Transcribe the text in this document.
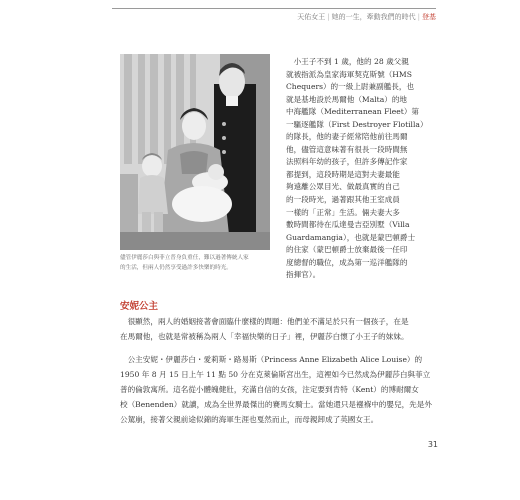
天佑女王 | 她的一生，牽動我們的時代 | 登基
儘管伊麗莎白與菲立普身負重任，難以過著傳統人家
的生活，但兩人仍然享受過許多快樂的時光。
　小王子不到 1 歲，他的 28 歲父親
就被指派為皇家海軍契克斯號（HMS
Chequers）的一級上尉兼副艦長，也
就是基地設於馬爾他（Malta）的地
中海艦隊（Mediterranean Fleet）第
一驅逐艦隊（First Destroyer Flotilla）
的隊長，他的妻子經常陪他前往馬爾
他，儘管這意味著有很長一段時間無
法照料年幼的孩子，但許多傳記作家
都提到，這段時期是這對夫妻最能
夠遠離公眾目光、做最真實的自己
的一段時光，過著跟其他王室成員
一樣的「正常」生活。倆夫妻大多
數時間都待在瓜達曼吉亞別墅（Villa
Guardamangia），也就是蒙巴頓爵士
的住家（蒙巴頓爵士放棄最後一任印
度總督的職位，成為第一巡洋艦隊的
指揮官）。
安妮公主
　很顯然，兩人的婚姻接著會面臨什麼樣的問題：他們並不滿足於只有一個孩子，在是
在馬爾他，也就是常被稱為兩人「幸福快樂的日子」裡，伊麗莎白懷了小王子的妹妹。
　公主安妮・伊麗莎白・愛莉斯・路易斯（Princess Anne Elizabeth Alice Louise）的
1950 年 8 月 15 日上午 11 點 50 分在克萊倫斯宮出生，這裡如今已然成為伊麗莎白與菲立
普的倫敦寓所。這名從小體魄健壯，充滿自信的女孩，注定要到肯特（Kent）的博耐爾女
校（Benenden）就讀，成為全世界最傑出的賽馬女騎士。當她還只是襁褓中的嬰兒，先是外
公駕崩，接著父親前途似錦的海軍生涯也戛然而止，而母親卸成了英國女王。
31
